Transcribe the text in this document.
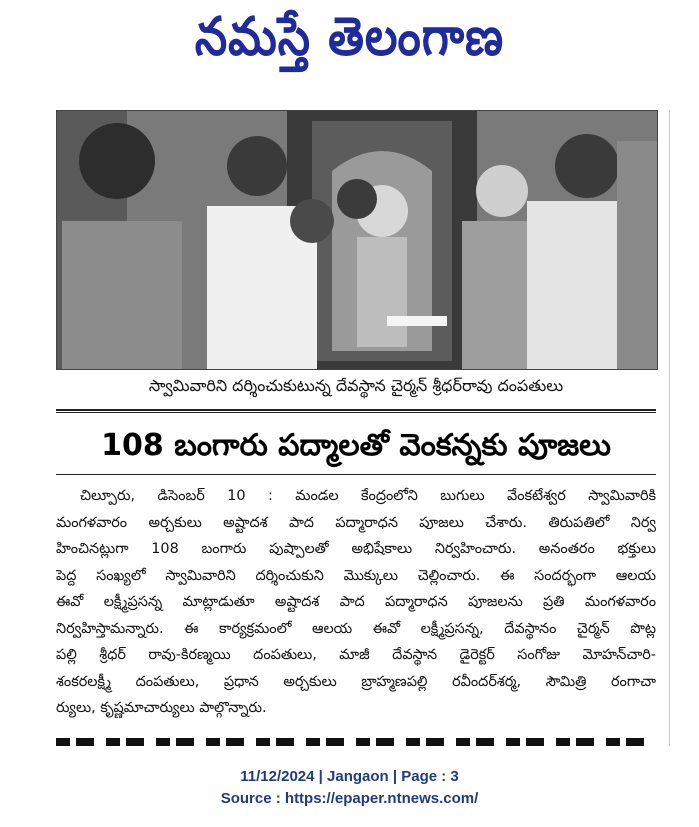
నమస్తే తెలంగాణ
స్వామివారిని దర్శించుకుటున్న దేవస్థాన చైర్మన్ శ్రీధర్‌రావు దంపతులు
108 బంగారు పద్మాలతో వెంకన్నకు పూజలు

చిల్పూరు, డిసెంబర్ 10 : మండల కేంద్రంలోని బుగులు వేంకటేశ్వర స్వామివారికి

మంగళవారం అర్చకులు అష్టాదశ పాద పద్మారాధన పూజలు చేశారు. తిరుపతిలో నిర్వ

హించినట్లుగా 108 బంగారు పుష్పాలతో అభిషేకాలు నిర్వహించారు. అనంతరం భక్తులు

పెద్ద సంఖ్యలో స్వామివారిని దర్శించుకుని మొక్కులు చెల్లించారు. ఈ సందర్భంగా ఆలయ

ఈవో లక్ష్మీప్రసన్న మాట్లాడుతూ అష్టాదశ పాద పద్మారాధన పూజలను ప్రతి మంగళవారం

నిర్వహిస్తామన్నారు. ఈ కార్యక్రమంలో ఆలయ ఈవో లక్ష్మీప్రసన్న, దేవస్థానం చైర్మన్ పొట్ల

పల్లి శ్రీధర్ రావు-కిరణ్మయి దంపతులు, మాజీ దేవస్థాన డైరెక్టర్ సంగోజు మోహన్‌చారి-

శంకరలక్ష్మీ దంపతులు, ప్రధాన అర్చకులు బ్రాహ్మణపల్లి రవీందర్‌శర్మ, సౌమిత్రి రంగాచా

ర్యులు, కృష్ణమాచార్యులు పాల్గొన్నారు.

11/12/2024 | Jangaon | Page : 3
Source : https://epaper.ntnews.com/
